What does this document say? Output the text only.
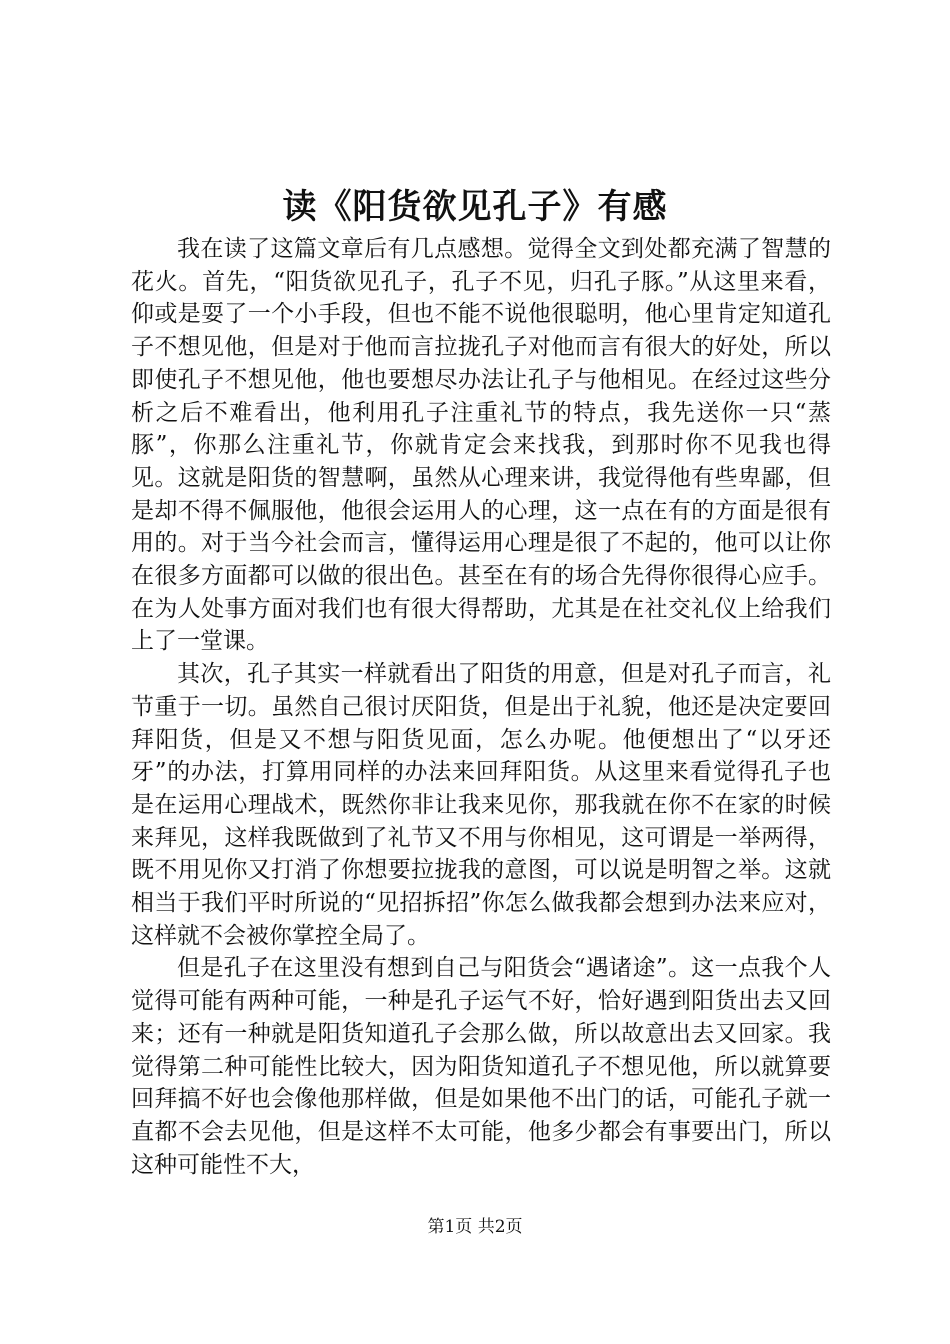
读《阳货欲见孔子》有感

我在读了这篇文章后有几点感想。觉得全文到处都充满了智慧的花火。首先，“阳货欲见孔子，孔子不见，归孔子豚。”从这里来看，仰或是耍了一个小手段，但也不能不说他很聪明，他心里肯定知道孔子不想见他，但是对于他而言拉拢孔子对他而言有很大的好处，所以即使孔子不想见他，他也要想尽办法让孔子与他相见。在经过这些分析之后不难看出，他利用孔子注重礼节的特点，我先送你一只“蒸豚”，你那么注重礼节，你就肯定会来找我，到那时你不见我也得见。这就是阳货的智慧啊，虽然从心理来讲，我觉得他有些卑鄙，但是却不得不佩服他，他很会运用人的心理，这一点在有的方面是很有用的。对于当今社会而言，懂得运用心理是很了不起的，他可以让你在很多方面都可以做的很出色。甚至在有的场合先得你很得心应手。在为人处事方面对我们也有很大得帮助，尤其是在社交礼仪上给我们上了一堂课。

其次，孔子其实一样就看出了阳货的用意，但是对孔子而言，礼节重于一切。虽然自己很讨厌阳货，但是出于礼貌，他还是决定要回拜阳货，但是又不想与阳货见面，怎么办呢。他便想出了“以牙还牙”的办法，打算用同样的办法来回拜阳货。从这里来看觉得孔子也是在运用心理战术，既然你非让我来见你，那我就在你不在家的时候来拜见，这样我既做到了礼节又不用与你相见，这可谓是一举两得，既不用见你又打消了你想要拉拢我的意图，可以说是明智之举。这就相当于我们平时所说的“见招拆招”你怎么做我都会想到办法来应对，这样就不会被你掌控全局了。

但是孔子在这里没有想到自己与阳货会“遇诸途”。这一点我个人觉得可能有两种可能，一种是孔子运气不好，恰好遇到阳货出去又回来；还有一种就是阳货知道孔子会那么做，所以故意出去又回家。我觉得第二种可能性比较大，因为阳货知道孔子不想见他，所以就算要回拜搞不好也会像他那样做，但是如果他不出门的话，可能孔子就一直都不会去见他，但是这样不太可能，他多少都会有事要出门，所以这种可能性不大，

第1页 共2页
